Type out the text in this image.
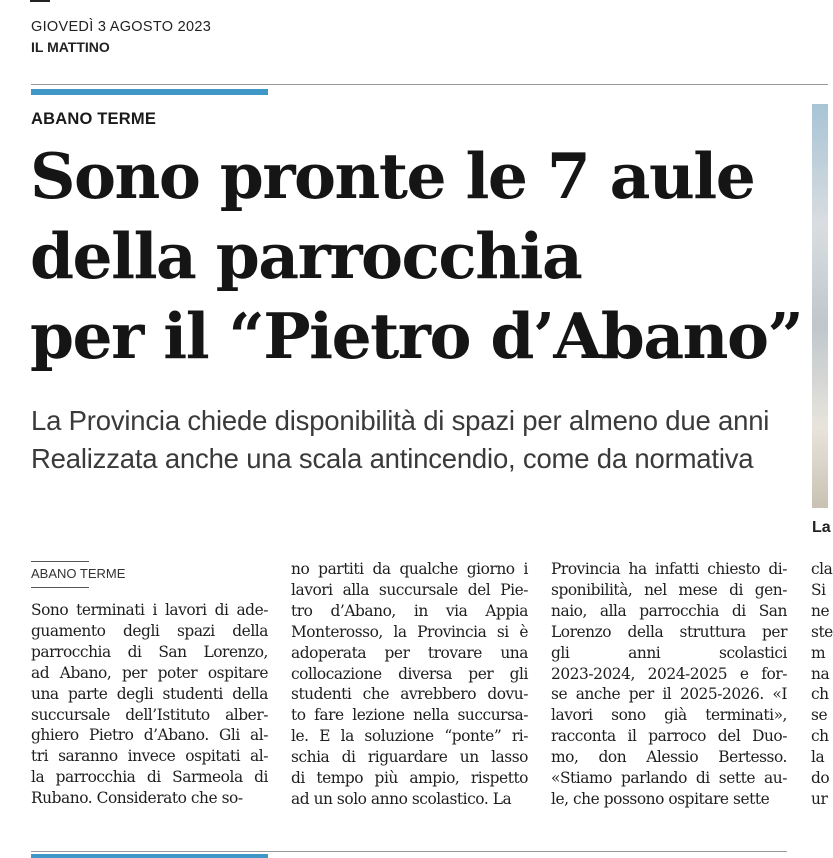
GIOVEDÌ 3 AGOSTO 2023
IL MATTINO
ABANO TERME
Sono pronte le 7 aule
della parrocchia
per il “Pietro d’Abano”

La Provincia chiede disponibilità di spazi per almeno due anni
Realizzata anche una scala antincendio, come da normativa

La
ABANO TERME
Sono terminati i lavori di ade-
guamento degli spazi della
parrocchia di San Lorenzo,
ad Abano, per poter ospitare
una parte degli studenti della
succursale dell’Istituto alber-
ghiero Pietro d’Abano. Gli al-
tri saranno invece ospitati al-
la parrocchia di Sarmeola di
Rubano. Considerato che so-
no partiti da qualche giorno i
lavori alla succursale del Pie-
tro d’Abano, in via Appia
Monterosso, la Provincia si è
adoperata per trovare una
collocazione diversa per gli
studenti che avrebbero dovu-
to fare lezione nella succursa-
le. E la soluzione “ponte” ri-
schia di riguardare un lasso
di tempo più ampio, rispetto
ad un solo anno scolastico. La
Provincia ha infatti chiesto di-
sponibilità, nel mese di gen-
naio, alla parrocchia di San
Lorenzo della struttura per
gli anni scolastici
2023-2024, 2024-2025 e for-
se anche per il 2025-2026. «I
lavori sono già terminati»,
racconta il parroco del Duo-
mo, don Alessio Bertesso.
«Stiamo parlando di sette au-
le, che possono ospitare sette
cla
Si
ne
ste
m
na
ch
se
ch
la
do
ur
